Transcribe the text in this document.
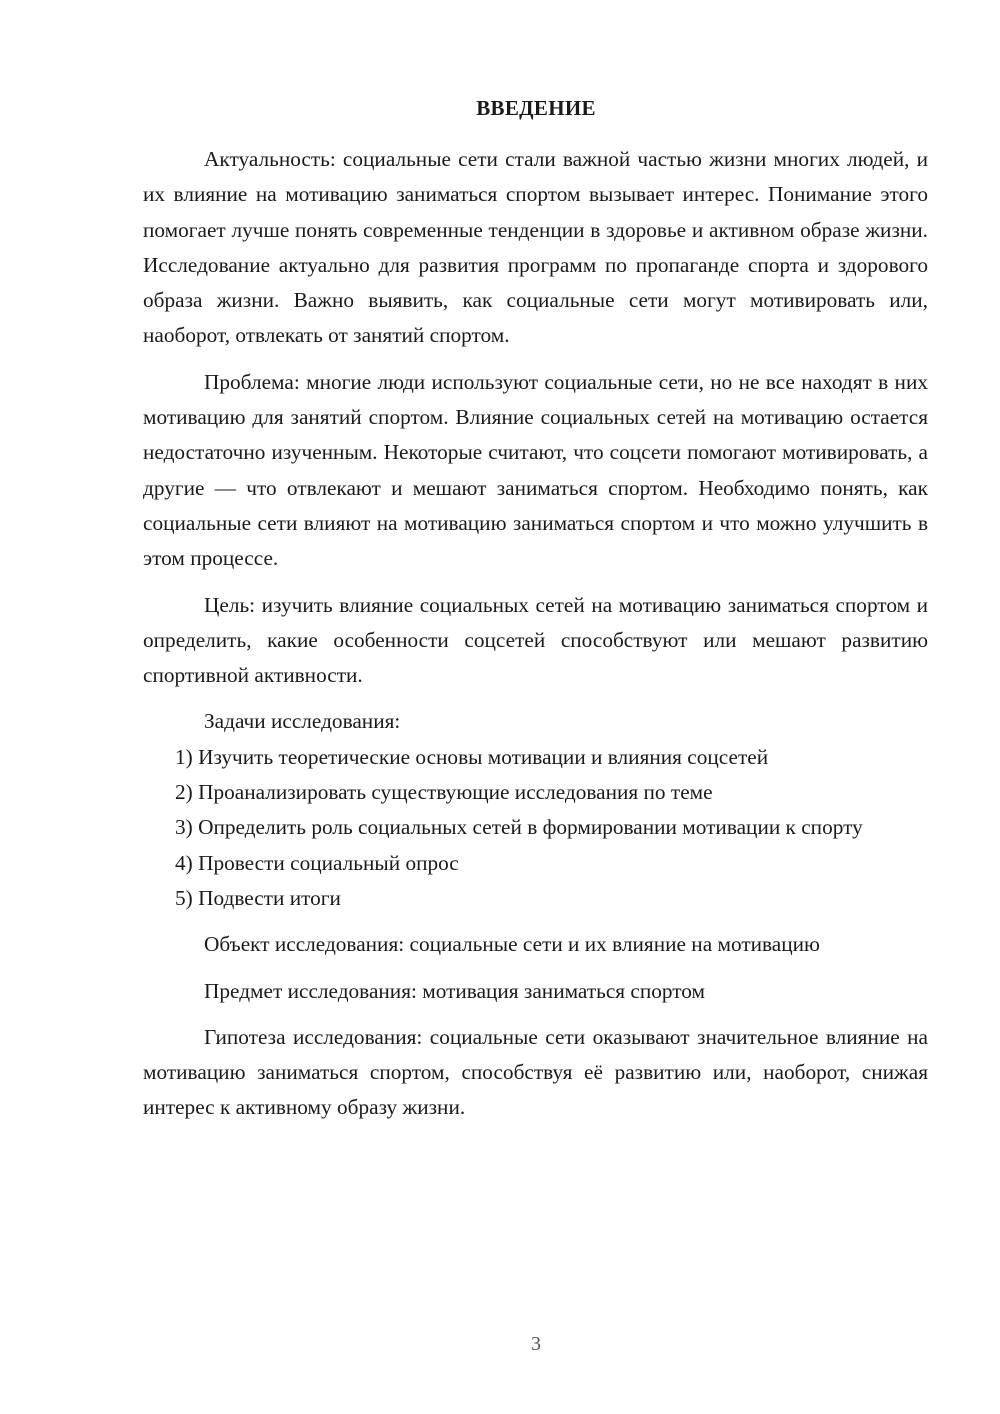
ВВЕДЕНИЕ

Актуальность: социальные сети стали важной частью жизни многих людей, и их влияние на мотивацию заниматься спортом вызывает интерес. Понимание этого помогает лучше понять современные тенденции в здоровье и активном образе жизни. Исследование актуально для развития программ по пропаганде спорта и здорового образа жизни. Важно выявить, как социальные сети могут мотивировать или, наоборот, отвлекать от занятий спортом.

Проблема: многие люди используют социальные сети, но не все находят в них мотивацию для занятий спортом. Влияние социальных сетей на мотивацию остается недостаточно изученным. Некоторые считают, что соцсети помогают мотивировать, а другие — что отвлекают и мешают заниматься спортом. Необходимо понять, как социальные сети влияют на мотивацию заниматься спортом и что можно улучшить в этом процессе.

Цель: изучить влияние социальных сетей на мотивацию заниматься спортом и определить, какие особенности соцсетей способствуют или мешают развитию спортивной активности.

Задачи исследования:

1) Изучить теоретические основы мотивации и влияния соцсетей

2) Проанализировать существующие исследования по теме

3) Определить роль социальных сетей в формировании мотивации к спорту

4) Провести социальный опрос

5) Подвести итоги

Объект исследования: социальные сети и их влияние на мотивацию

Предмет исследования: мотивация заниматься спортом

Гипотеза исследования: социальные сети оказывают значительное влияние на мотивацию заниматься спортом, способствуя её развитию или, наоборот, снижая интерес к активному образу жизни.

3
